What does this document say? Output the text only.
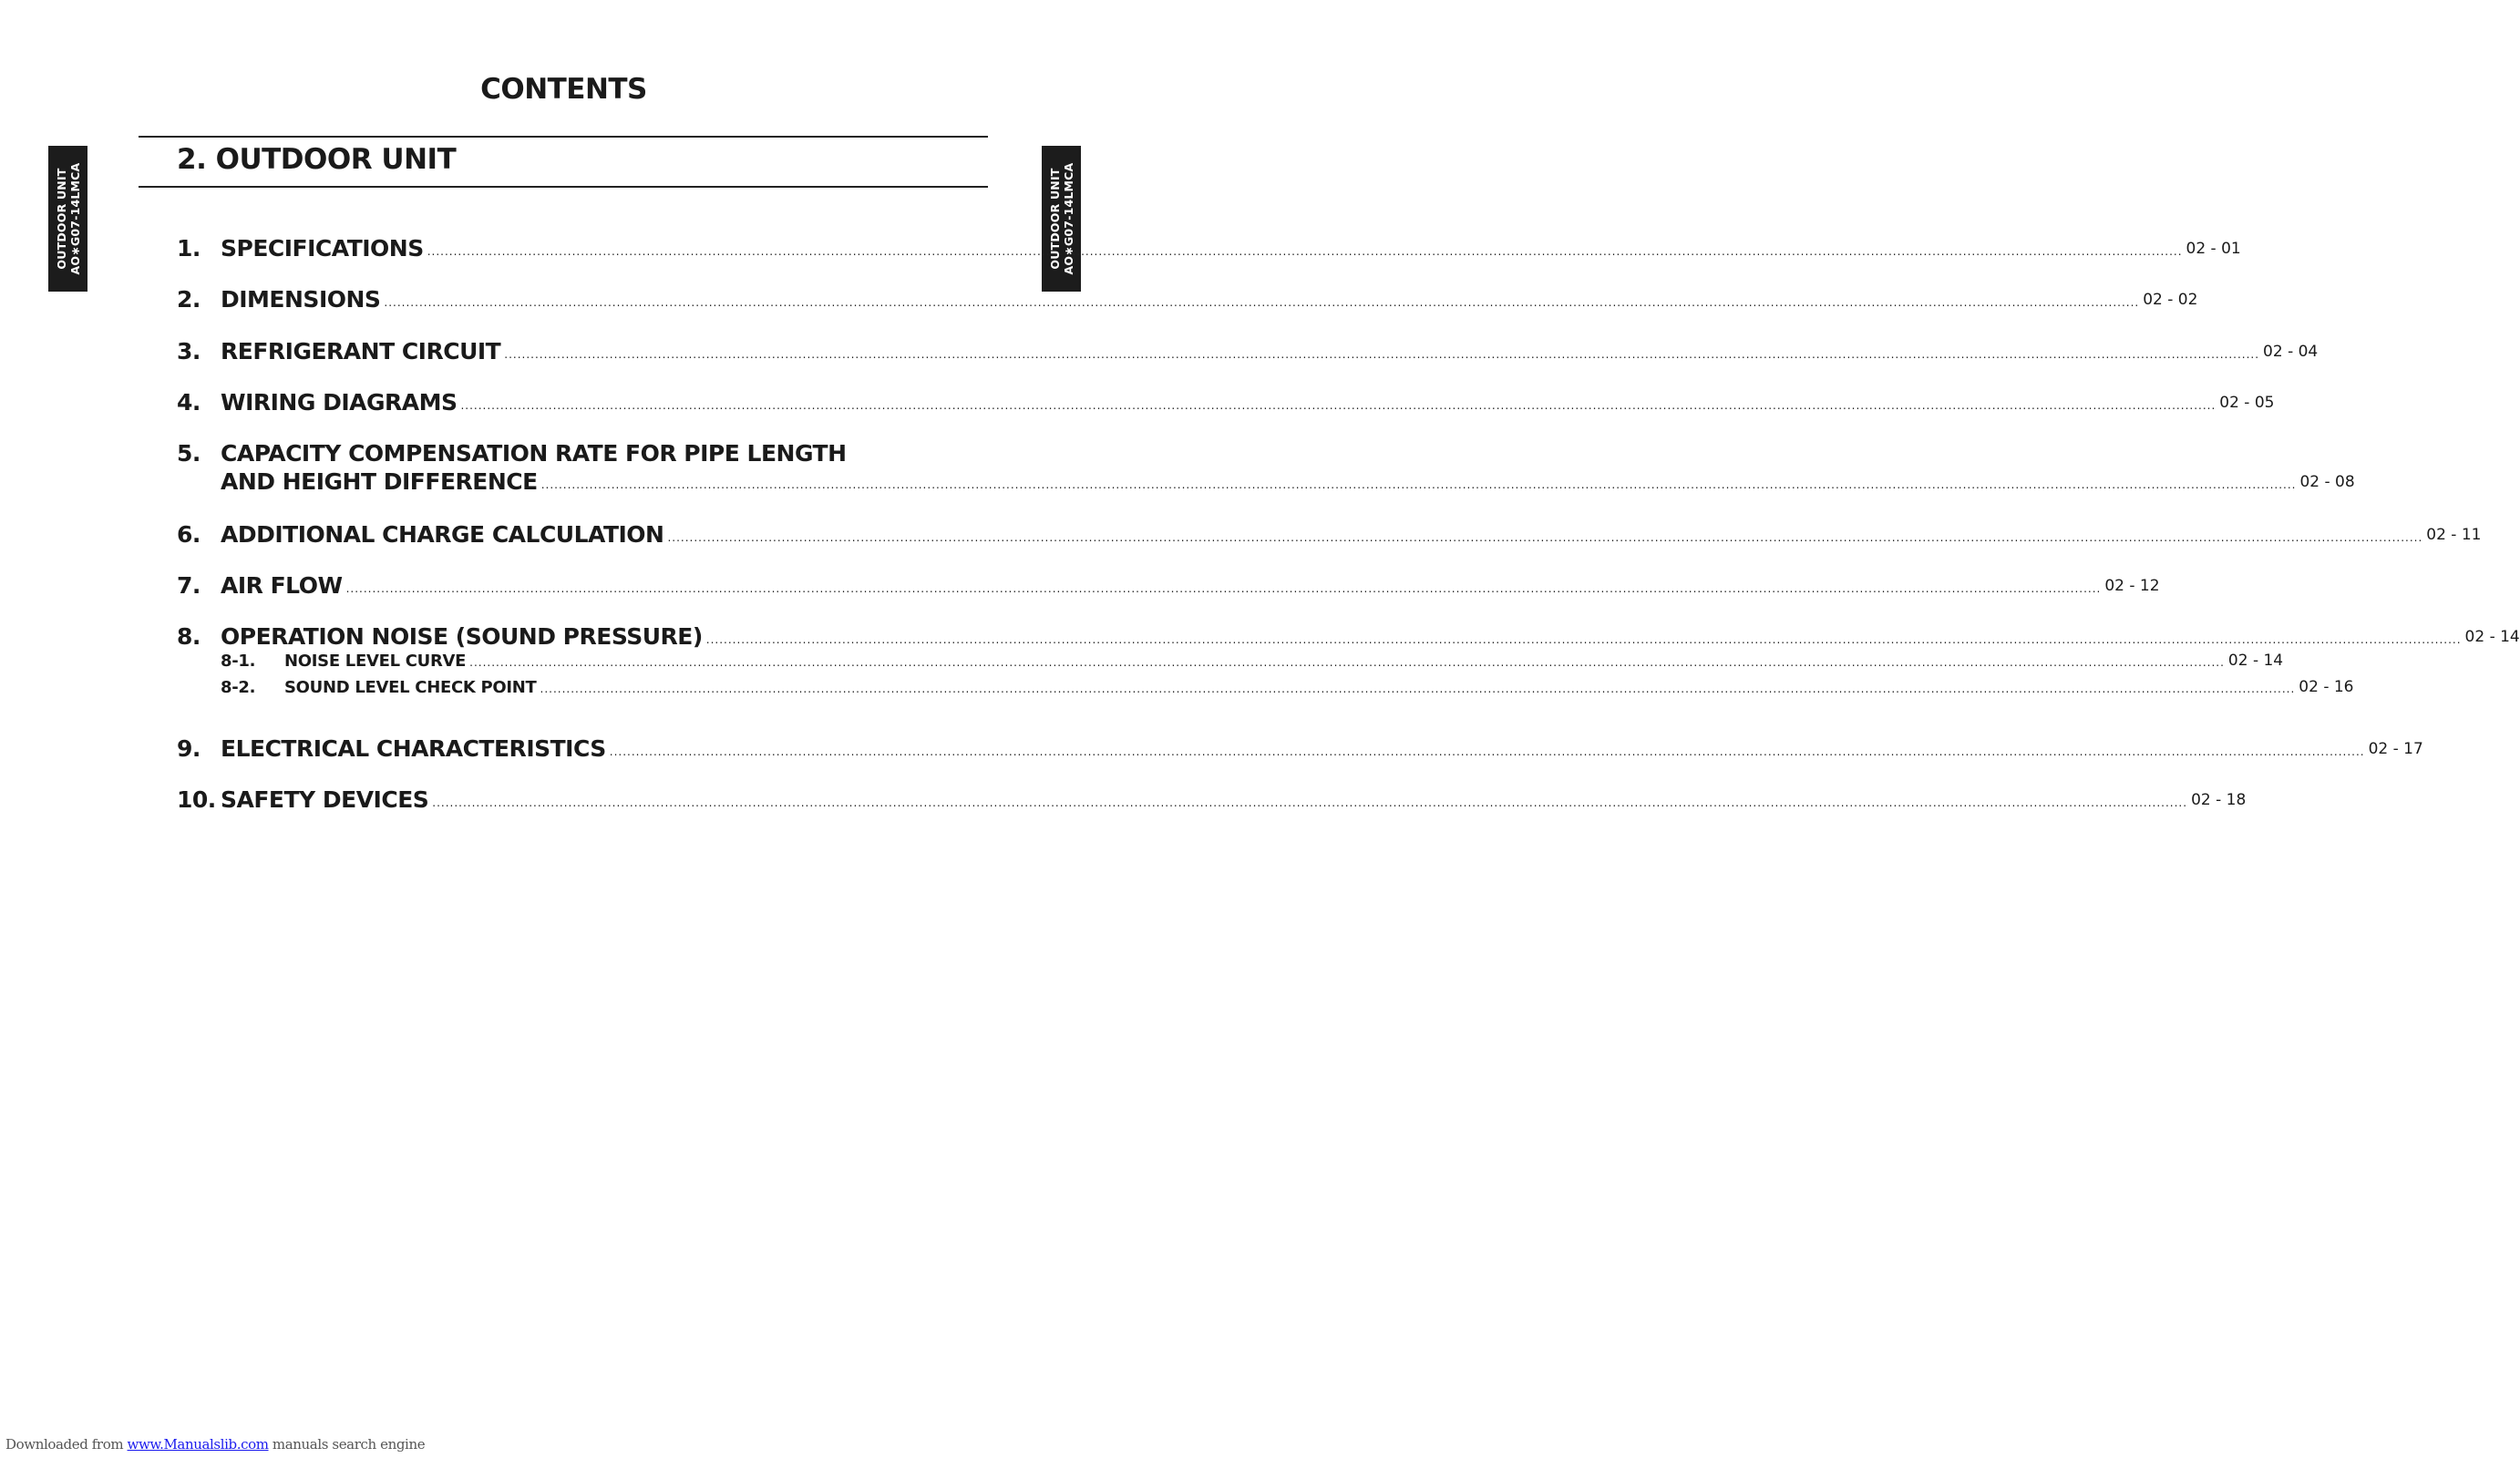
CONTENTS
2. OUTDOOR UNIT
OUTDOOR UNIT AO∗G07-14LMCA	OUTDOOR UNIT AO∗G07-14LMCA
1. SPECIFICATIONS ................................................................................................................................................................................................................................................................................................................................................................................................................ 02 - 01
2. DIMENSIONS ................................................................................................................................................................................................................................................................................................................................................................................................................ 02 - 02
3. REFRIGERANT CIRCUIT ................................................................................................................................................................................................................................................................................................................................................................................................................ 02 - 04
4. WIRING DIAGRAMS ................................................................................................................................................................................................................................................................................................................................................................................................................ 02 - 05
5. CAPACITY COMPENSATION RATE FOR PIPE LENGTH
AND HEIGHT DIFFERENCE ................................................................................................................................................................................................................................................................................................................................................................................................................ 02 - 08
6. ADDITIONAL CHARGE CALCULATION ................................................................................................................................................................................................................................................................................................................................................................................................................ 02 - 11
7. AIR FLOW ................................................................................................................................................................................................................................................................................................................................................................................................................ 02 - 12
8. OPERATION NOISE (SOUND PRESSURE) ................................................................................................................................................................................................................................................................................................................................................................................................................ 02 - 14
8-1.	NOISE LEVEL CURVE ................................................................................................................................................................................................................................................................................................................................................................................................................ 02 - 14
8-2.	SOUND LEVEL CHECK POINT ................................................................................................................................................................................................................................................................................................................................................................................................................ 02 - 16
9. ELECTRICAL CHARACTERISTICS ................................................................................................................................................................................................................................................................................................................................................................................................................ 02 - 17
10. SAFETY DEVICES ................................................................................................................................................................................................................................................................................................................................................................................................................ 02 - 18
Downloaded from www.Manualslib.com manuals search engine
